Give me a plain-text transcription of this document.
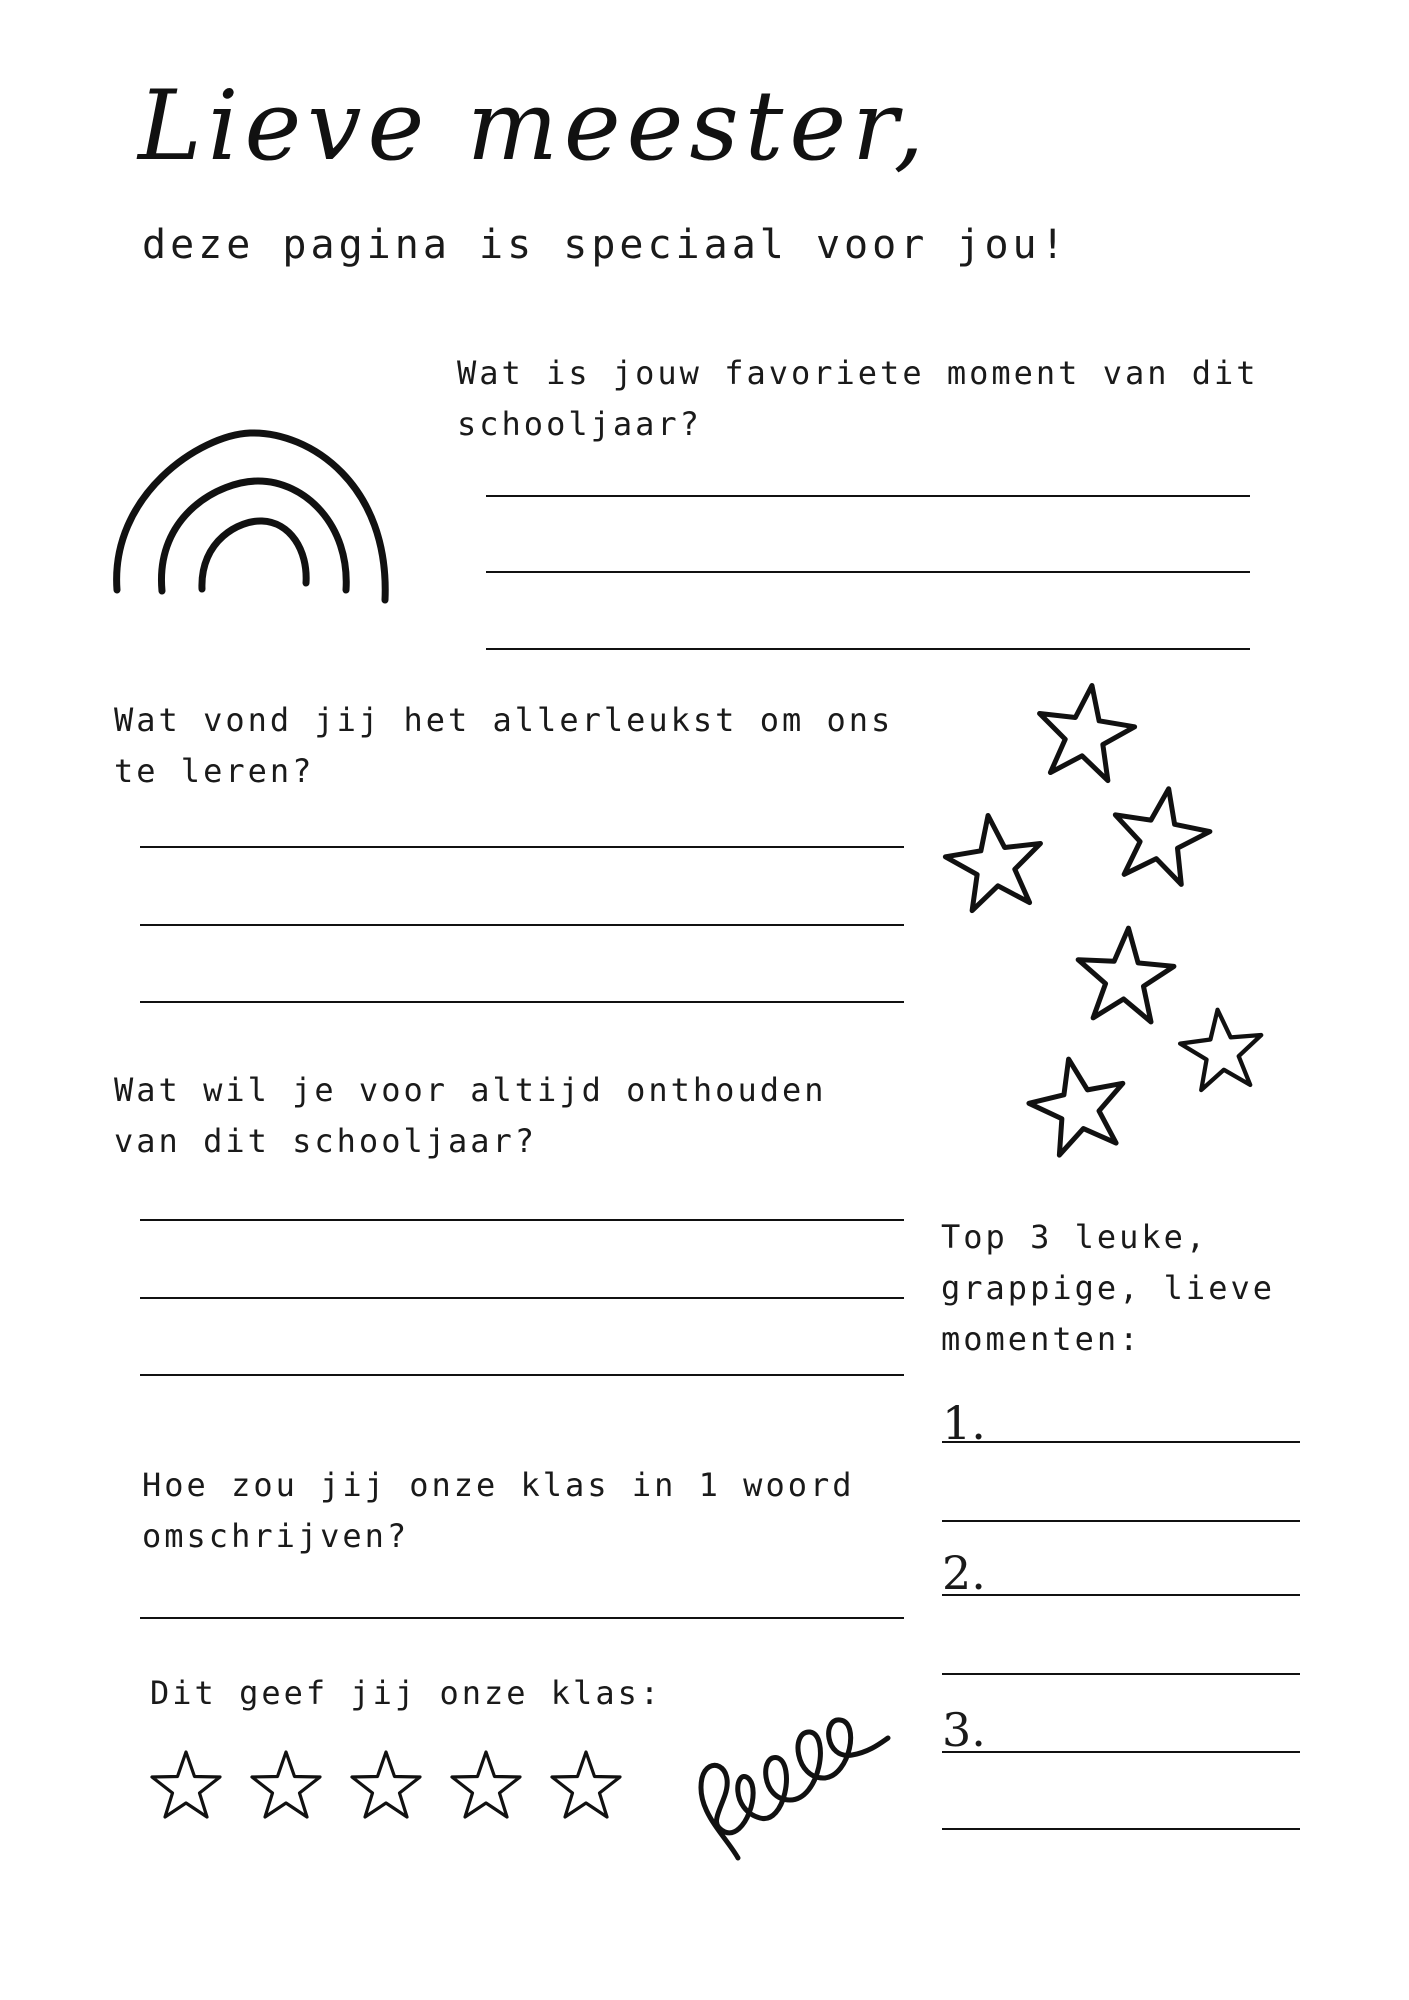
Lieve meester,
deze pagina is speciaal voor jou!
Wat is jouw favoriete moment van dit
schooljaar?
Wat vond jij het allerleukst om ons
te leren?
Wat wil je voor altijd onthouden
van dit schooljaar?
Top 3 leuke,
grappige, lieve
momenten:
1.
2.
3.
Hoe zou jij onze klas in 1 woord
omschrijven?
Dit geef jij onze klas:
